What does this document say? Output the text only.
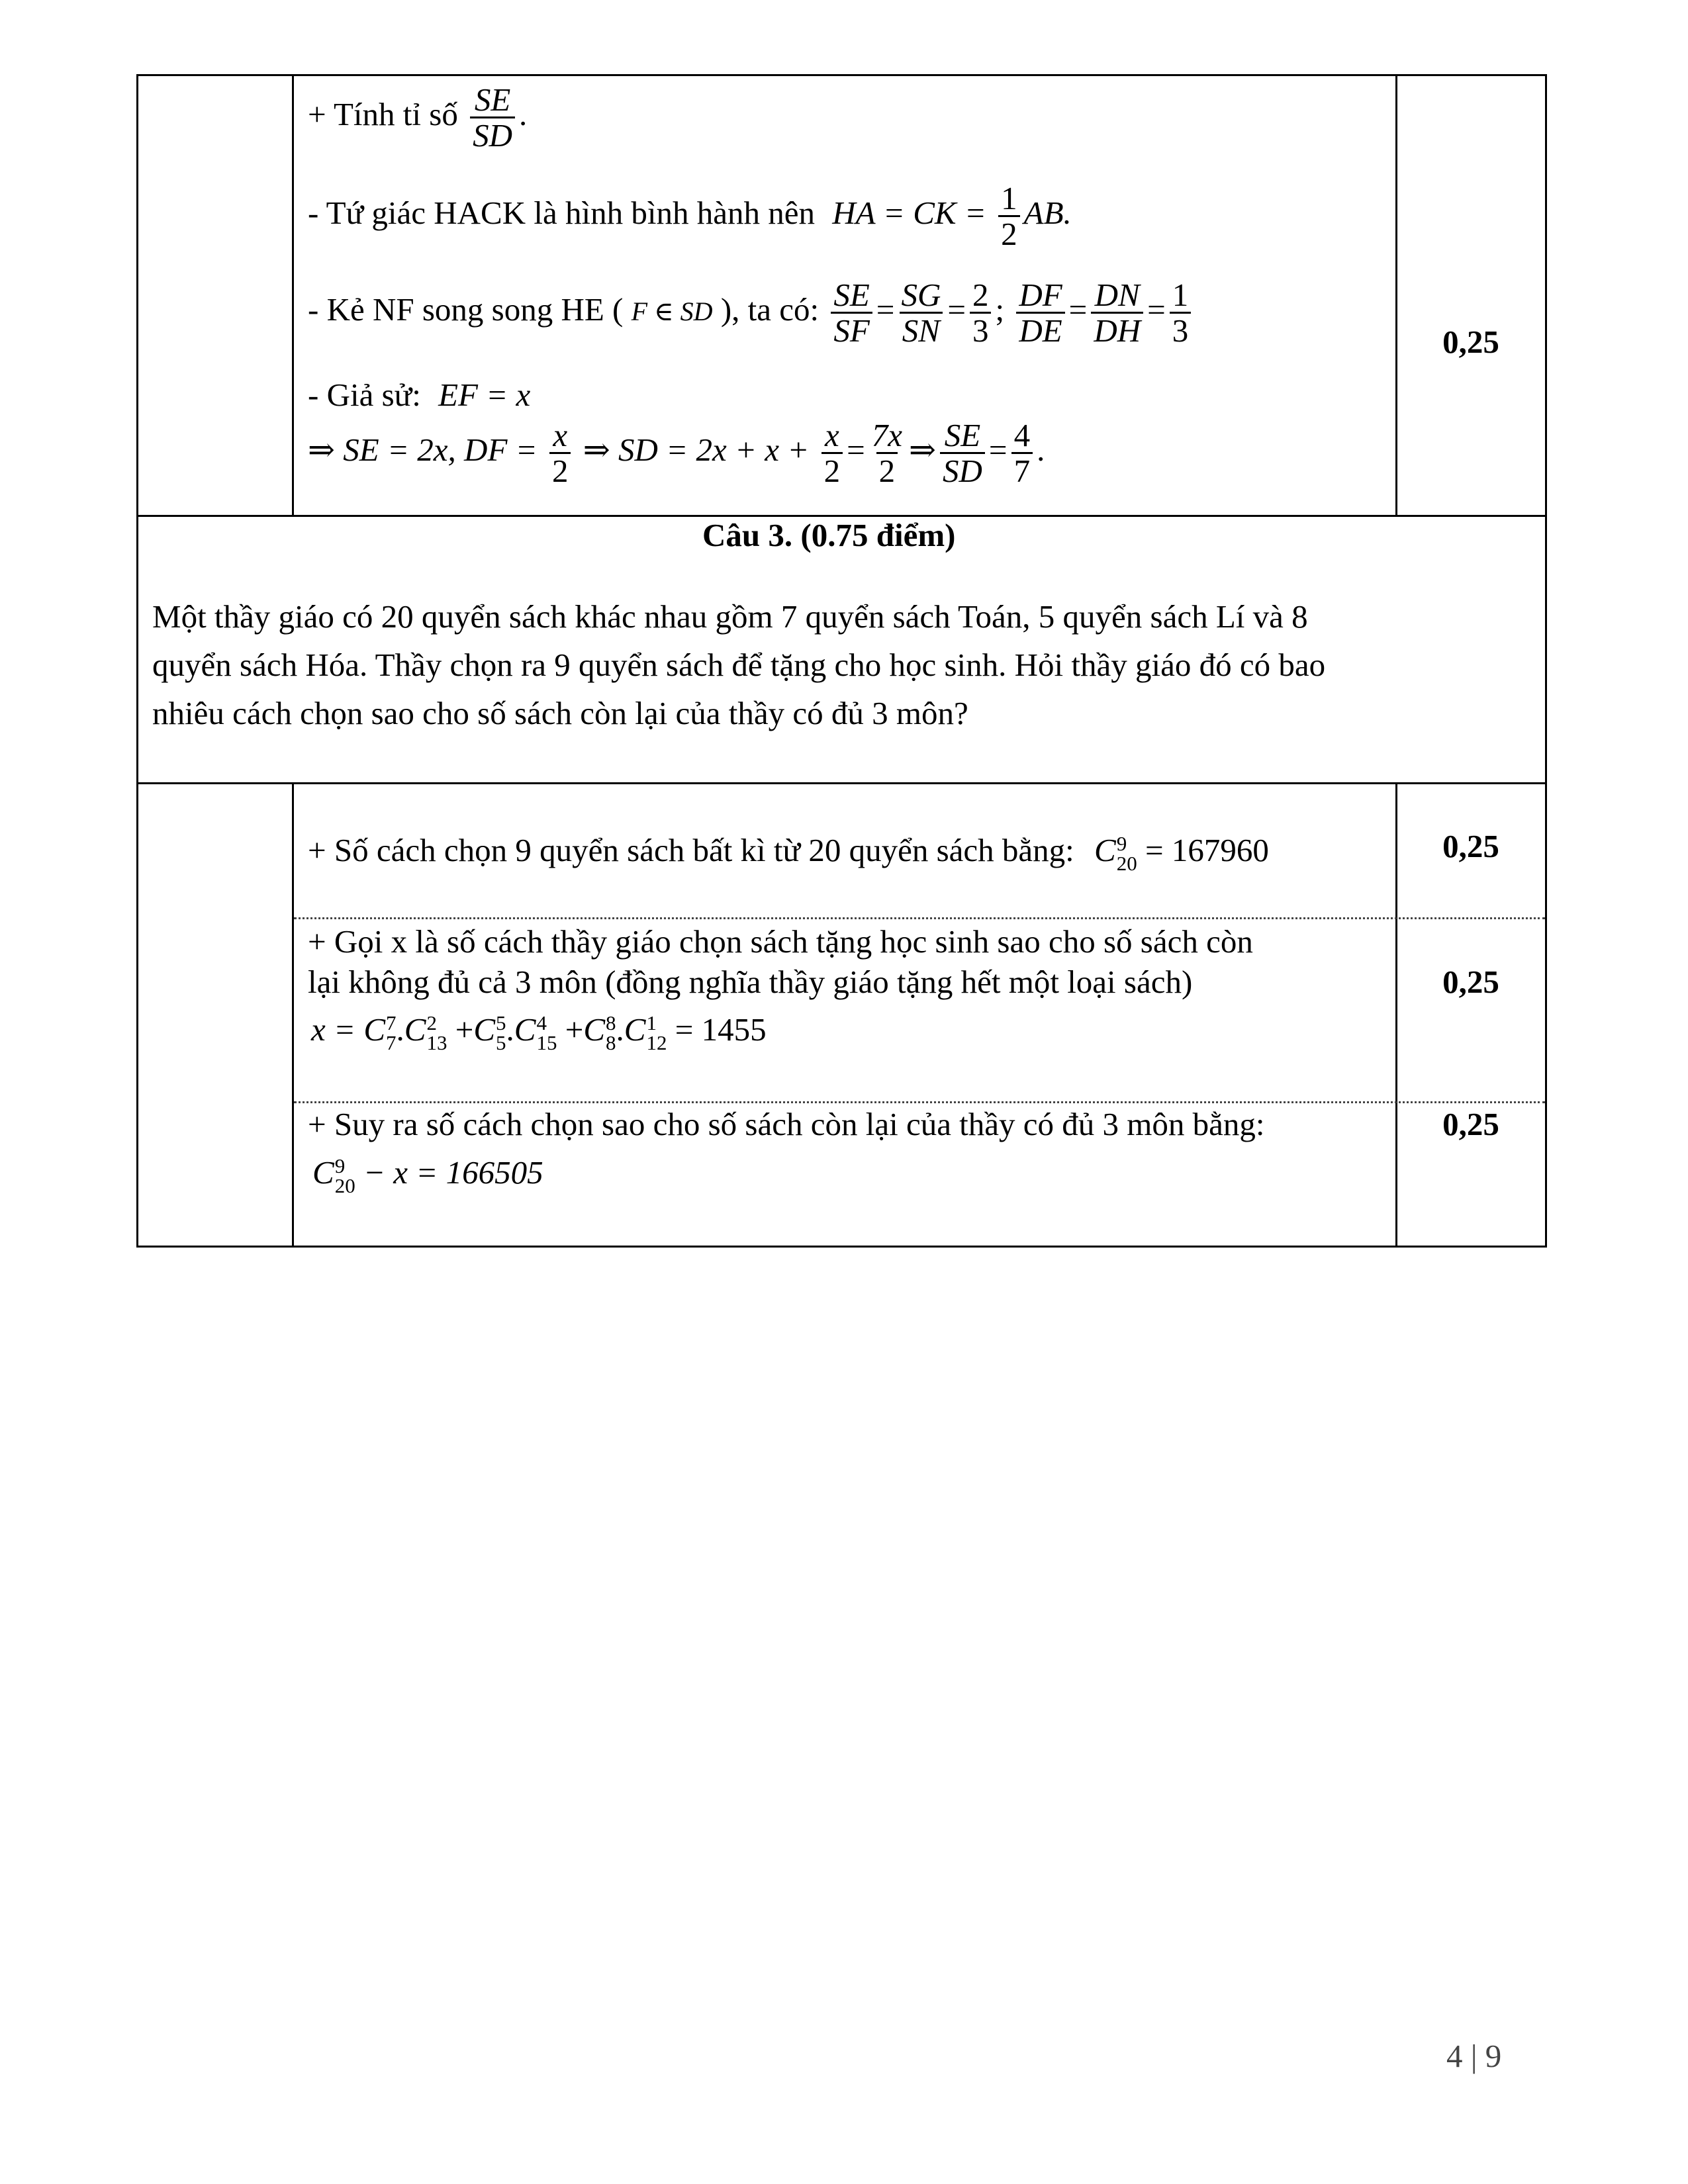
+ Tính tỉ số $\frac{SE}{SD}$ .
- Tứ giác HACK là hình bình hành nên HA = CK = $\frac{1}{2}$ AB.
- Kẻ NF song song HE ( F ∈ SD ), ta có: $\frac{SE}{SF} = \frac{SG}{SN} = \frac{2}{3}$ ; $\frac{DF}{DE} = \frac{DN}{DH} = \frac{1}{3}$
- Giả sử: EF = x
⇒ SE = 2x, DF = $\frac{x}{2}$ ⇒ SD = $2x + x + \frac{x}{2} = \frac{7x}{2}$ ⇒ $\frac{SE}{SD} = \frac{4}{7}$ .
0,25
Câu 3. (0.75 điểm)
Một thầy giáo có 20 quyển sách khác nhau gồm 7 quyển sách Toán, 5 quyển sách Lí và 8
quyển sách Hóa. Thầy chọn ra 9 quyển sách để tặng cho học sinh. Hỏi thầy giáo đó có bao
nhiêu cách chọn sao cho số sách còn lại của thầy có đủ 3 môn?
+ Số cách chọn 9 quyển sách bất kì từ 20 quyển sách bằng: C 9
20 = 167960	0,25
+ Gọi x là số cách thầy giáo chọn sách tặng học sinh sao cho số sách còn
lại không đủ cả 3 môn (đồng nghĩa thầy giáo tặng hết một loại sách)
x = C 7
7 .C 2
13 +C 5
5 .C 4
15 +C 8
8 .C 1
12 = 1455
0,25
+ Suy ra số cách chọn sao cho số sách còn lại của thầy có đủ 3 môn bằng:
C 9
20 − x = 166505
0,25
4 | 9
